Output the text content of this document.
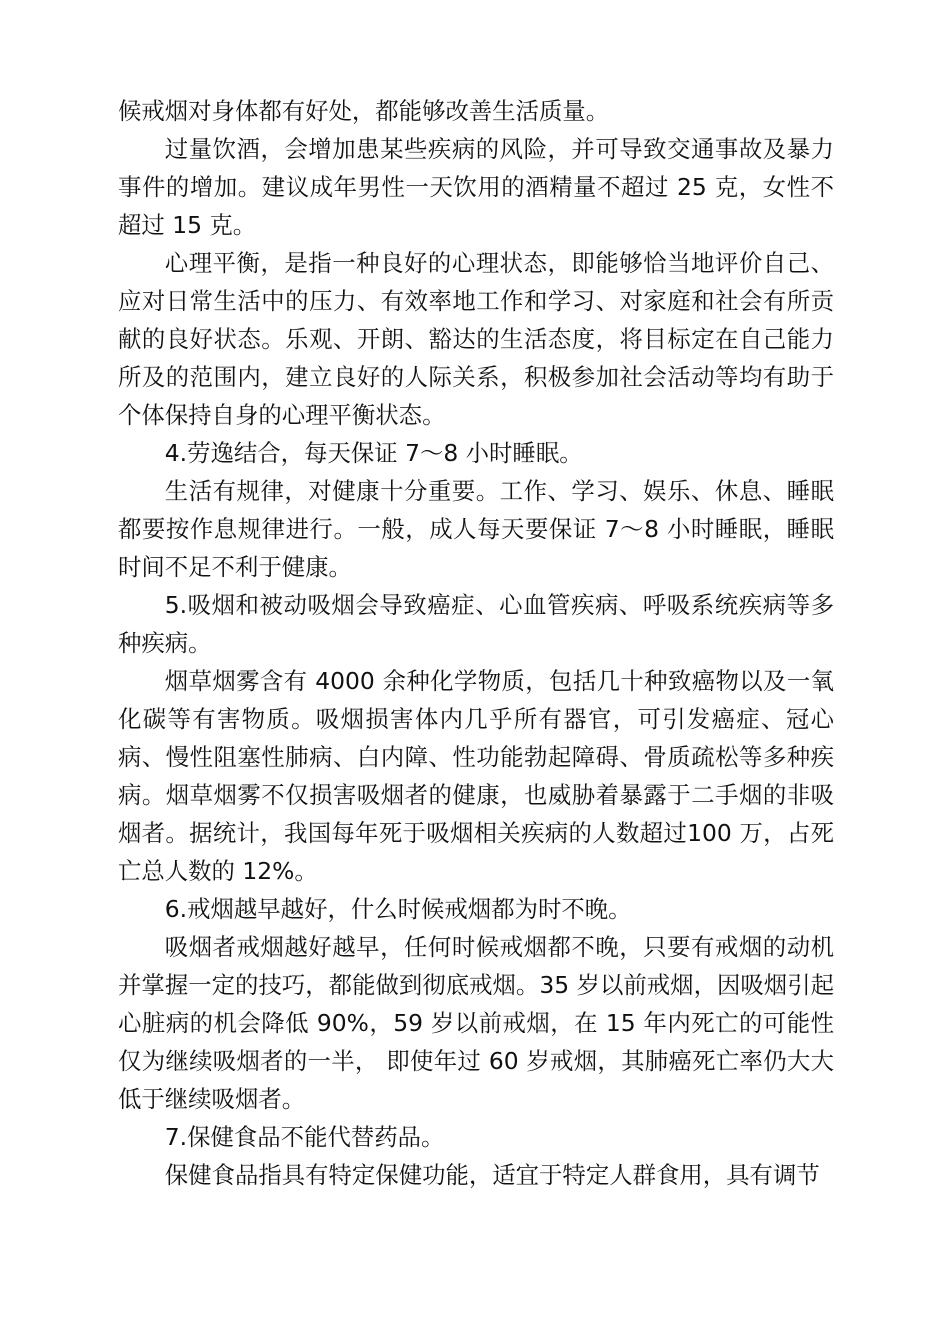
候戒烟对身体都有好处，都能够改善生活质量。

过量饮酒，会增加患某些疾病的风险，并可导致交通事故及暴力事件的增加。建议成年男性一天饮用的酒精量不超过 25 克，女性不超过 15 克。

心理平衡，是指一种良好的心理状态，即能够恰当地评价自己、应对日常生活中的压力、有效率地工作和学习、对家庭和社会有所贡献的良好状态。乐观、开朗、豁达的生活态度，将目标定在自己能力所及的范围内，建立良好的人际关系，积极参加社会活动等均有助于个体保持自身的心理平衡状态。

4.劳逸结合，每天保证 7～8 小时睡眠。

生活有规律，对健康十分重要。工作、学习、娱乐、休息、睡眠都要按作息规律进行。一般，成人每天要保证 7～8 小时睡眠，睡眠时间不足不利于健康。

5.吸烟和被动吸烟会导致癌症、心血管疾病、呼吸系统疾病等多种疾病。

烟草烟雾含有 4000 余种化学物质，包括几十种致癌物以及一氧化碳等有害物质。吸烟损害体内几乎所有器官，可引发癌症、冠心病、慢性阻塞性肺病、白内障、性功能勃起障碍、骨质疏松等多种疾病。烟草烟雾不仅损害吸烟者的健康，也威胁着暴露于二手烟的非吸烟者。据统计，我国每年死于吸烟相关疾病的人数超过100 万，占死亡总人数的 12%。

6.戒烟越早越好，什么时候戒烟都为时不晚。

吸烟者戒烟越好越早，任何时候戒烟都不晚，只要有戒烟的动机并掌握一定的技巧，都能做到彻底戒烟。35 岁以前戒烟，因吸烟引起心脏病的机会降低 90%，59 岁以前戒烟，在 15 年内死亡的可能性仅为继续吸烟者的一半， 即使年过 60 岁戒烟，其肺癌死亡率仍大大低于继续吸烟者。

7.保健食品不能代替药品。

保健食品指具有特定保健功能，适宜于特定人群食用，具有调节
